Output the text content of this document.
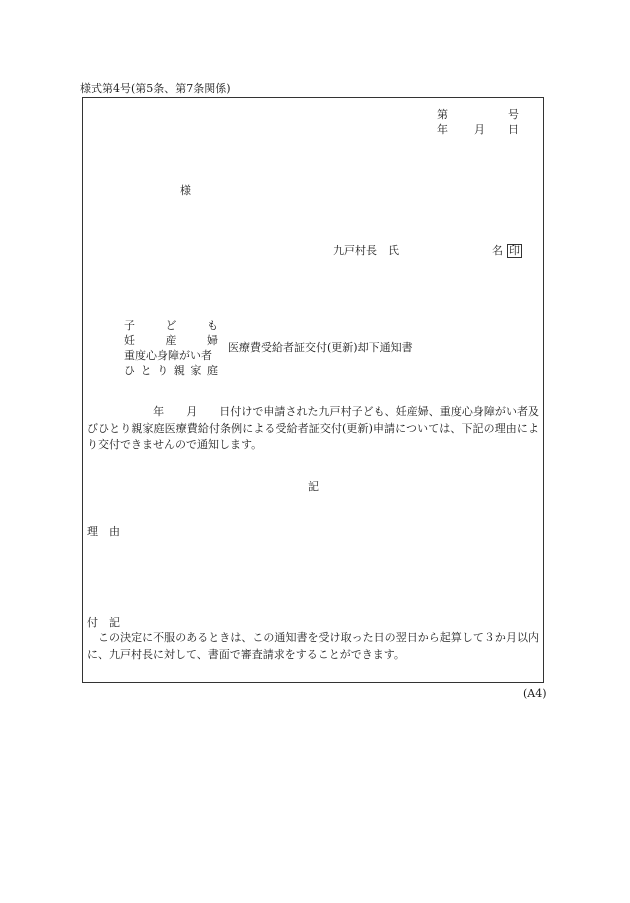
様式第4号(第5条、第7条関係)
第	号
年 月 日
様
九戸村長　氏	名 印
子	ど	も
妊	産	婦
重度心身障がい者
ひ と り 親 家 庭
医療費受給者証交付(更新)却下通知書
　　　　　　年　　月　　日付けで申請された九戸村子ども、妊産婦、重度心身障がい者及びひとり親家庭医療費給付条例による受給者証交付(更新)申請については、下記の理由により交付できませんので通知します。
記
理　由
付　記
　この決定に不服のあるときは、この通知書を受け取った日の翌日から起算して３か月以内に、九戸村長に対して、書面で審査請求をすることができます。
(A4)
